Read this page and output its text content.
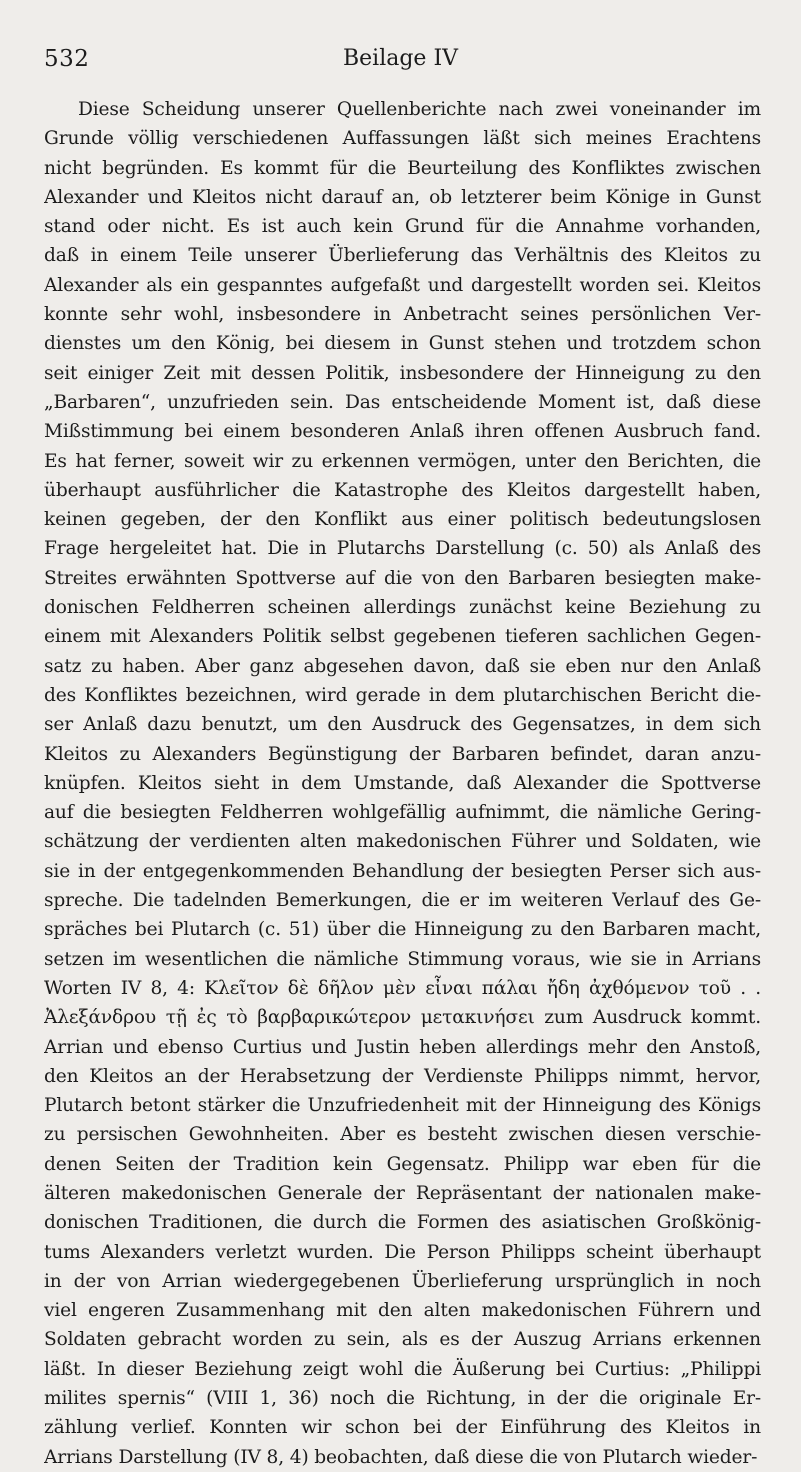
532	Beilage IV
Diese Scheidung unserer Quellenberichte nach zwei voneinander im
Grunde völlig verschiedenen Auffassungen läßt sich meines Erachtens
nicht begründen. Es kommt für die Beurteilung des Konfliktes zwischen
Alexander und Kleitos nicht darauf an, ob letzterer beim Könige in Gunst
stand oder nicht. Es ist auch kein Grund für die Annahme vorhanden,
daß in einem Teile unserer Überlieferung das Verhältnis des Kleitos zu
Alexander als ein gespanntes aufgefaßt und dargestellt worden sei. Kleitos
konnte sehr wohl, insbesondere in Anbetracht seines persönlichen Ver-
dienstes um den König, bei diesem in Gunst stehen und trotzdem schon
seit einiger Zeit mit dessen Politik, insbesondere der Hinneigung zu den
„Barbaren“, unzufrieden sein. Das entscheidende Moment ist, daß diese
Mißstimmung bei einem besonderen Anlaß ihren offenen Ausbruch fand.
Es hat ferner, soweit wir zu erkennen vermögen, unter den Berichten, die
überhaupt ausführlicher die Katastrophe des Kleitos dargestellt haben,
keinen gegeben, der den Konflikt aus einer politisch bedeutungslosen
Frage hergeleitet hat. Die in Plutarchs Darstellung (c. 50) als Anlaß des
Streites erwähnten Spottverse auf die von den Barbaren besiegten make-
donischen Feldherren scheinen allerdings zunächst keine Beziehung zu
einem mit Alexanders Politik selbst gegebenen tieferen sachlichen Gegen-
satz zu haben. Aber ganz abgesehen davon, daß sie eben nur den Anlaß
des Konfliktes bezeichnen, wird gerade in dem plutarchischen Bericht die-
ser Anlaß dazu benutzt, um den Ausdruck des Gegensatzes, in dem sich
Kleitos zu Alexanders Begünstigung der Barbaren befindet, daran anzu-
knüpfen. Kleitos sieht in dem Umstande, daß Alexander die Spottverse
auf die besiegten Feldherren wohlgefällig aufnimmt, die nämliche Gering-
schätzung der verdienten alten makedonischen Führer und Soldaten, wie
sie in der entgegenkommenden Behandlung der besiegten Perser sich aus-
spreche. Die tadelnden Bemerkungen, die er im weiteren Verlauf des Ge-
spräches bei Plutarch (c. 51) über die Hinneigung zu den Barbaren macht,
setzen im wesentlichen die nämliche Stimmung voraus, wie sie in Arrians
Worten IV 8, 4: Κλεῖτον δὲ δῆλον μὲν εἶναι πάλαι ἤδη ἀχθόμενον τοῦ . .
Ἀλεξάνδρου τῇ ἐς τὸ βαρβαρικώτερον μετακινήσει zum Ausdruck kommt.
Arrian und ebenso Curtius und Justin heben allerdings mehr den Anstoß,
den Kleitos an der Herabsetzung der Verdienste Philipps nimmt, hervor,
Plutarch betont stärker die Unzufriedenheit mit der Hinneigung des Königs
zu persischen Gewohnheiten. Aber es besteht zwischen diesen verschie-
denen Seiten der Tradition kein Gegensatz. Philipp war eben für die
älteren makedonischen Generale der Repräsentant der nationalen make-
donischen Traditionen, die durch die Formen des asiatischen Großkönig-
tums Alexanders verletzt wurden. Die Person Philipps scheint überhaupt
in der von Arrian wiedergegebenen Überlieferung ursprünglich in noch
viel engeren Zusammenhang mit den alten makedonischen Führern und
Soldaten gebracht worden zu sein, als es der Auszug Arrians erkennen
läßt. In dieser Beziehung zeigt wohl die Äußerung bei Curtius: „Philippi
milites spernis“ (VIII 1, 36) noch die Richtung, in der die originale Er-
zählung verlief. Konnten wir schon bei der Einführung des Kleitos in
Arrians Darstellung (IV 8, 4) beobachten, daß diese die von Plutarch wieder-
